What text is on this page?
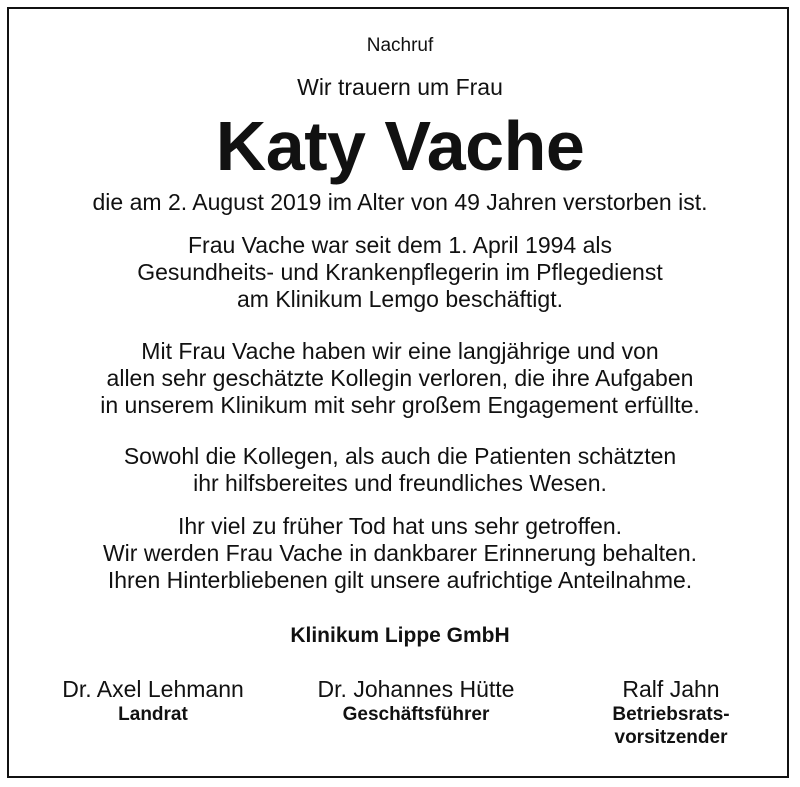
Nachruf
Wir trauern um Frau
Katy Vache
die am 2. August 2019 im Alter von 49 Jahren verstorben ist.
Frau Vache war seit dem 1. April 1994 als
Gesundheits- und Krankenpflegerin im Pflegedienst
am Klinikum Lemgo beschäftigt.
Mit Frau Vache haben wir eine langjährige und von
allen sehr geschätzte Kollegin verloren, die ihre Aufgaben
in unserem Klinikum mit sehr großem Engagement erfüllte.
Sowohl die Kollegen, als auch die Patienten schätzten
ihr hilfsbereites und freundliches Wesen.
Ihr viel zu früher Tod hat uns sehr getroffen.
Wir werden Frau Vache in dankbarer Erinnerung behalten.
Ihren Hinterbliebenen gilt unsere aufrichtige Anteilnahme.
Klinikum Lippe GmbH
Dr. Axel Lehmann
Landrat
Dr. Johannes Hütte
Geschäftsführer
Ralf Jahn
Betriebsrats-
vorsitzender
